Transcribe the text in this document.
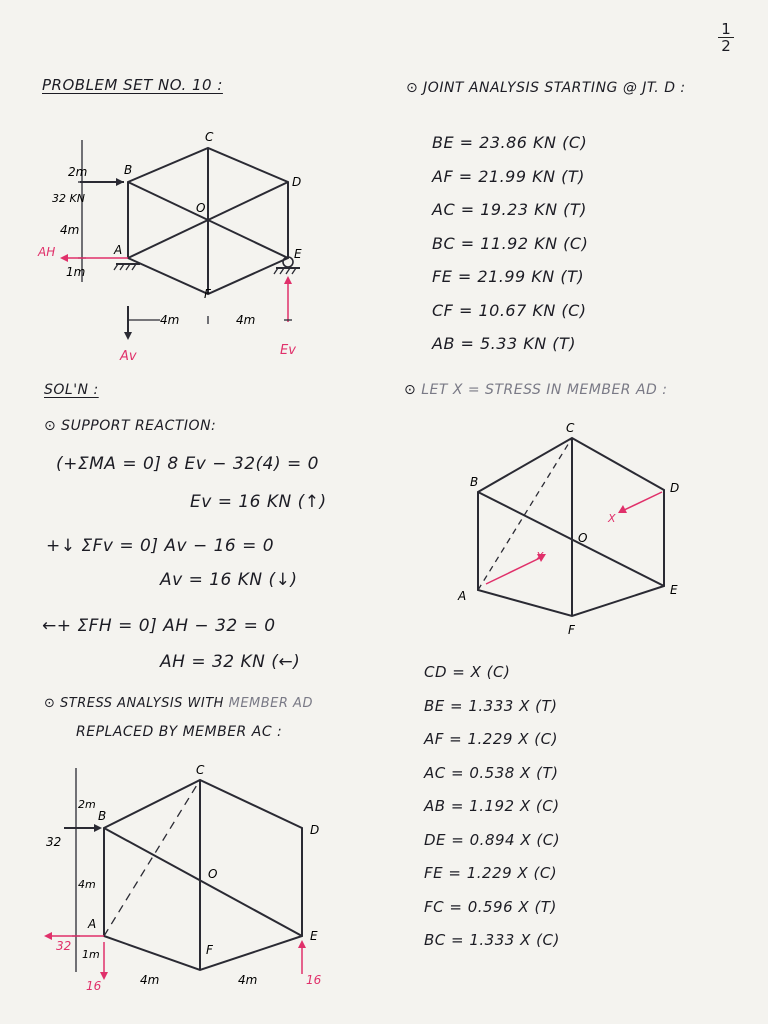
1
2
PROBLEM SET NO. 10 :
C
B
D
O
A	E
F
2m
32 KN
4m
1m
4m	4m
AH
Av	Ev
⊙ JOINT ANALYSIS STARTING @ JT. D :
BE = 23.86 KN (C)
AF = 21.99 KN (T)
AC = 19.23 KN (T)
BC = 11.92 KN (C)
FE = 21.99 KN (T)
CF = 10.67 KN (C)
AB = 5.33 KN (T)
SOL'N :
⊙ SUPPORT REACTION:
(+ΣMA = 0] 8 Ev − 32(4) = 0
Ev = 16 KN (↑)
+↓ ΣFv = 0] Av − 16 = 0
Av = 16 KN (↓)
←+ ΣFH = 0] AH − 32 = 0
AH = 32 KN (←)
⊙ STRESS ANALYSIS WITH MEMBER AD
REPLACED BY MEMBER AC :
⊙ LET X = STRESS IN MEMBER AD :
C
B	D
O
A	E
F
X
X
CD = X (C)
BE = 1.333 X (T)
AF = 1.229 X (C)
AC = 0.538 X (T)
AB = 1.192 X (C)
DE = 0.894 X (C)
FE = 1.229 X (C)
FC = 0.596 X (T)
BC = 1.333 X (C)
C
B
D
O
A
E
F
2m
4m
1m
4m	4m
32
32
16	16
